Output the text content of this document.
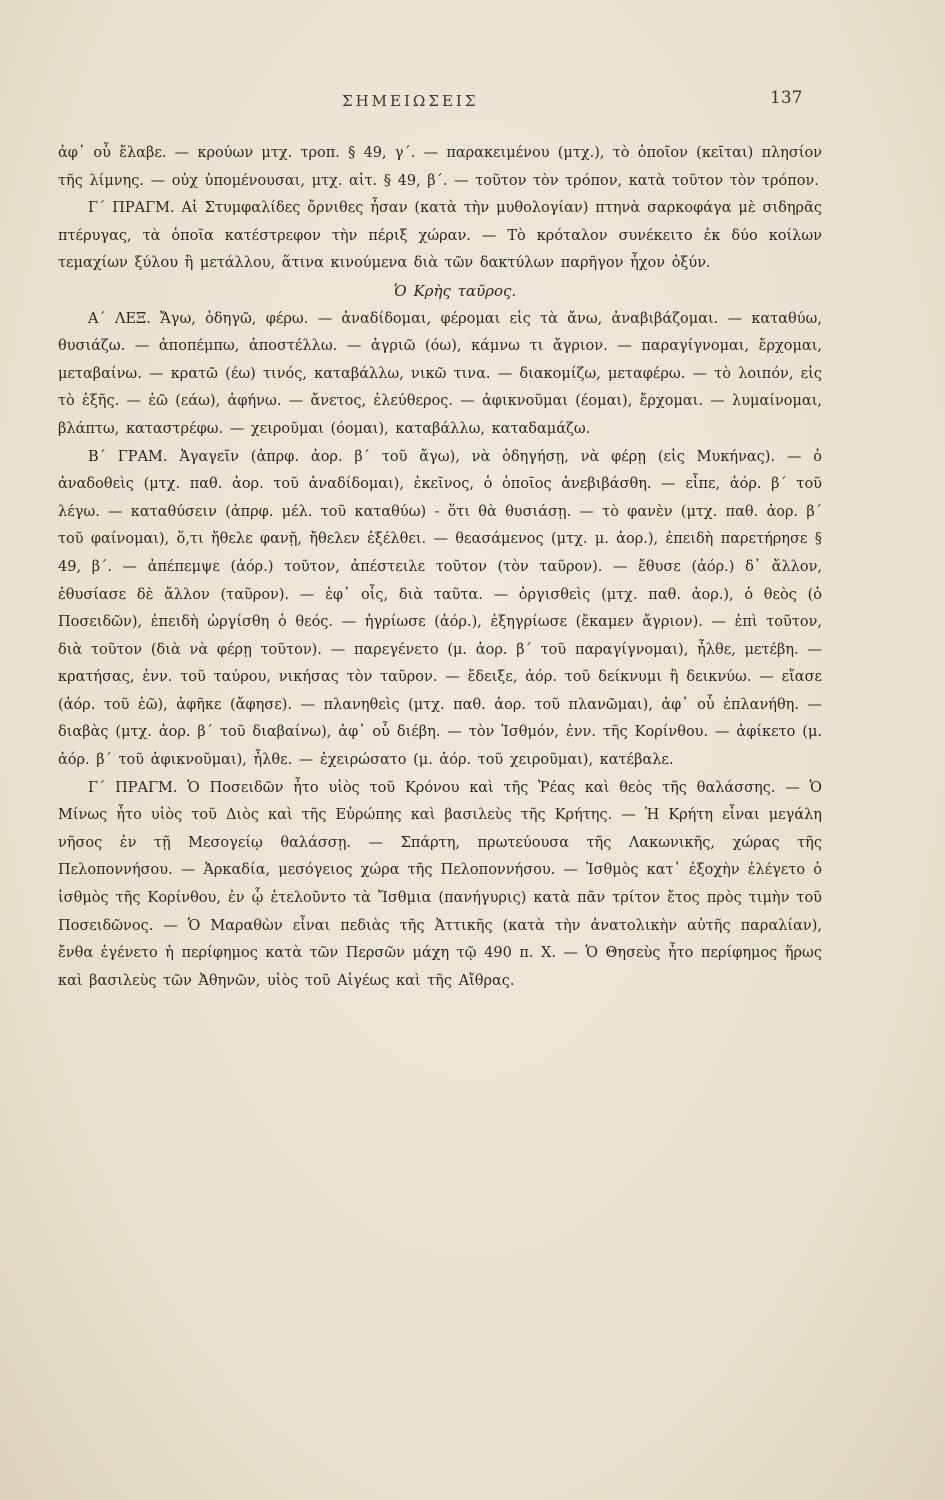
ΣΗΜΕΙΩΣΕΙΣ	137

ἀφ᾽ οὗ ἔλαβε. — κρούων μτχ. τροπ. § 49, γ΄. — παρακειμένου (μτχ.), τὸ ὁποῖον (κεῖται) πλησίον τῆς λίμνης. — οὐχ ὑπομένουσαι, μτχ. αἰτ. § 49, β΄. — τοῦτον τὸν τρόπον, κατὰ τοῦτον τὸν τρόπον.

Γ΄ ΠΡΑΓΜ. Αἱ Στυμφαλίδες ὄρνιθες ἦσαν (κατὰ τὴν μυθολογίαν) πτηνὰ σαρκοφάγα μὲ σιδηρᾶς πτέρυγας, τὰ ὁποῖα κατέστρεφον τὴν πέριξ χώραν. — Τὸ κρόταλον συνέκειτο ἐκ δύο κοίλων τεμαχίων ξύλου ἢ μετάλλου, ἅτινα κινούμενα διὰ τῶν δακτύλων παρῆγον ἦχον ὀξύν.

Ὁ Κρὴς ταῦρος.

Α΄ ΛΕΞ. Ἄγω, ὁδηγῶ, φέρω. — ἀναδίδομαι, φέρομαι εἰς τὰ ἄνω, ἀναβιβάζομαι. — καταθύω, θυσιάζω. — ἀποπέμπω, ἀποστέλλω. — ἀγριῶ (όω), κάμνω τι ἄγριον. — παραγίγνομαι, ἔρχομαι, μεταβαίνω. — κρατῶ (έω) τινός, καταβάλλω, νικῶ τινα. — διακομίζω, μεταφέρω. — τὸ λοιπόν, εἰς τὸ ἑξῆς. — ἐῶ (εάω), ἀφήνω. — ἄνετος, ἐλεύθερος. — ἀφικνοῦμαι (έομαι), ἔρχομαι. — λυμαίνομαι, βλάπτω, καταστρέφω. — χειροῦμαι (όομαι), καταβάλλω, καταδαμάζω.

Β΄ ΓΡΑΜ. Ἀγαγεῖν (ἀπρφ. ἀορ. β΄ τοῦ ἄγω), νὰ ὁδηγήσῃ, νὰ φέρῃ (εἰς Μυκήνας). — ὁ ἀναδοθεὶς (μτχ. παθ. ἀορ. τοῦ ἀναδίδομαι), ἐκεῖνος, ὁ ὁποῖος ἀνεβιβάσθη. — εἶπε, ἀόρ. β΄ τοῦ λέγω. — καταθύσειν (ἀπρφ. μέλ. τοῦ καταθύω) - ὅτι θὰ θυσιάσῃ. — τὸ φανὲν (μτχ. παθ. ἀορ. β΄ τοῦ φαίνομαι), ὅ,τι ἤθελε φανῇ, ἤθελεν ἐξέλθει. — θεασάμενος (μτχ. μ. ἀορ.), ἐπειδὴ παρετήρησε § 49, β΄. — ἀπέπεμψε (ἀόρ.) τοῦτον, ἀπέστειλε τοῦτον (τὸν ταῦρον). — ἔθυσε (ἀόρ.) δ᾽ ἄλλον, ἐθυσίασε δὲ ἄλλον (ταῦρον). — ἐφ᾽ οἷς, διὰ ταῦτα. — ὀργισθεὶς (μτχ. παθ. ἀορ.), ὁ θεὸς (ὁ Ποσειδῶν), ἐπειδὴ ὠργίσθη ὁ θεός. — ἠγρίωσε (ἀόρ.), ἐξηγρίωσε (ἔκαμεν ἄγριον). — ἐπὶ τοῦτον, διὰ τοῦτον (διὰ νὰ φέρῃ τοῦτον). — παρεγένετο (μ. ἀορ. β΄ τοῦ παραγίγνομαι), ἦλθε, μετέβη. — κρατήσας, ἐνν. τοῦ ταύρου, νικήσας τὸν ταῦρον. — ἔδειξε, ἀόρ. τοῦ δείκνυμι ἢ δεικνύω. — εἴασε (ἀόρ. τοῦ ἐῶ), ἀφῆκε (ἄφησε). — πλανηθεὶς (μτχ. παθ. ἀορ. τοῦ πλανῶμαι), ἀφ᾽ οὗ ἐπλανήθη. — διαβὰς (μτχ. ἀορ. β΄ τοῦ διαβαίνω), ἀφ᾽ οὗ διέβη. — τὸν Ἰσθμόν, ἐνν. τῆς Κορίνθου. — ἀφίκετο (μ. ἀόρ. β΄ τοῦ ἀφικνοῦμαι), ἦλθε. — ἐχειρώσατο (μ. ἀόρ. τοῦ χειροῦμαι), κατέβαλε.

Γ΄ ΠΡΑΓΜ. Ὁ Ποσειδῶν ἦτο υἱὸς τοῦ Κρόνου καὶ τῆς Ῥέας καὶ θεὸς τῆς θαλάσσης. — Ὁ Μίνως ἦτο υἱὸς τοῦ Διὸς καὶ τῆς Εὐρώπης καὶ βασιλεὺς τῆς Κρήτης. — Ἡ Κρήτη εἶναι μεγάλη νῆσος ἐν τῇ Μεσογείῳ θαλάσσῃ. — Σπάρτη, πρωτεύουσα τῆς Λακωνικῆς, χώρας τῆς Πελοποννήσου. — Ἀρκαδία, μεσόγειος χώρα τῆς Πελοποννήσου. — Ἰσθμὸς κατ᾽ ἐξοχὴν ἐλέγετο ὁ ἰσθμὸς τῆς Κορίνθου, ἐν ᾧ ἐτελοῦντο τὰ Ἴσθμια (πανήγυρις) κατὰ πᾶν τρίτον ἔτος πρὸς τιμὴν τοῦ Ποσειδῶνος. — Ὁ Μαραθὼν εἶναι πεδιὰς τῆς Ἀττικῆς (κατὰ τὴν ἀνατολικὴν αὐτῆς παραλίαν), ἔνθα ἐγένετο ἡ περίφημος κατὰ τῶν Περσῶν μάχη τῷ 490 π. Χ. — Ὁ Θησεὺς ἦτο περίφημος ἥρως καὶ βασιλεὺς τῶν Ἀθηνῶν, υἱὸς τοῦ Αἰγέως καὶ τῆς Αἴθρας.
